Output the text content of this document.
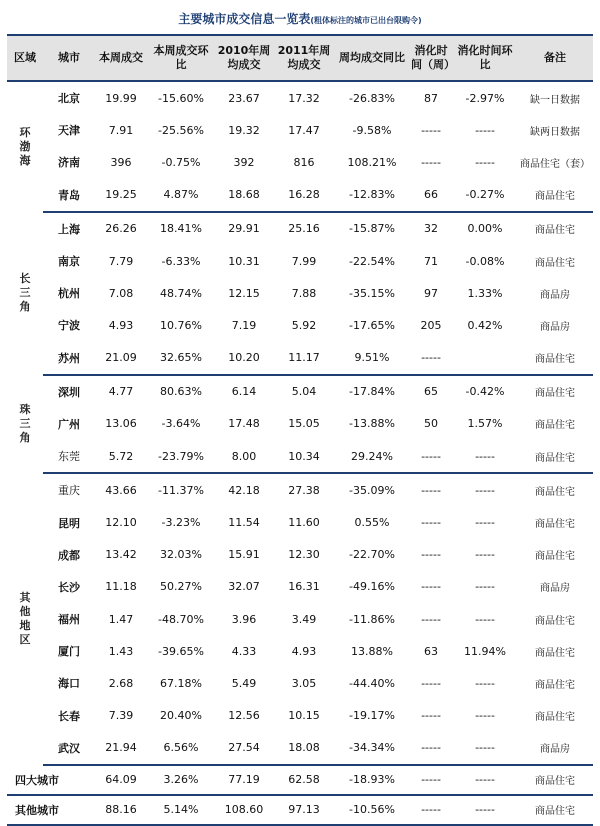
主要城市成交信息一览表(粗体标注的城市已出台限购令)
区域	城市	本周成交	本周成交环比	2010年周均成交	2011年周均成交	周均成交同比	消化时间（周）	消化时间环比	备注
环渤海	北京	19.99	-15.60%	23.67	17.32	-26.83%	87	-2.97%	缺一日数据
	天津	7.91	-25.56%	19.32	17.47	-9.58%	-----	-----	缺两日数据
	济南	396	-0.75%	392	816	108.21%	-----	-----	商品住宅（套）
	青岛	19.25	4.87%	18.68	16.28	-12.83%	66	-0.27%	商品住宅
长三角	上海	26.26	18.41%	29.91	25.16	-15.87%	32	0.00%	商品住宅
	南京	7.79	-6.33%	10.31	7.99	-22.54%	71	-0.08%	商品住宅
	杭州	7.08	48.74%	12.15	7.88	-35.15%	97	1.33%	商品房
	宁波	4.93	10.76%	7.19	5.92	-17.65%	205	0.42%	商品房
	苏州	21.09	32.65%	10.20	11.17	9.51%	-----		商品住宅
珠三角	深圳	4.77	80.63%	6.14	5.04	-17.84%	65	-0.42%	商品住宅
	广州	13.06	-3.64%	17.48	15.05	-13.88%	50	1.57%	商品住宅
	东莞	5.72	-23.79%	8.00	10.34	29.24%	-----	-----	商品住宅
其他地区	重庆	43.66	-11.37%	42.18	27.38	-35.09%	-----	-----	商品住宅
	昆明	12.10	-3.23%	11.54	11.60	0.55%	-----	-----	商品住宅
	成都	13.42	32.03%	15.91	12.30	-22.70%	-----	-----	商品住宅
	长沙	11.18	50.27%	32.07	16.31	-49.16%	-----	-----	商品房
	福州	1.47	-48.70%	3.96	3.49	-11.86%	-----	-----	商品住宅
	厦门	1.43	-39.65%	4.33	4.93	13.88%	63	11.94%	商品住宅
	海口	2.68	67.18%	5.49	3.05	-44.40%	-----	-----	商品住宅
	长春	7.39	20.40%	12.56	10.15	-19.17%	-----	-----	商品住宅
	武汉	21.94	6.56%	27.54	18.08	-34.34%	-----	-----	商品房
四大城市		64.09	3.26%	77.19	62.58	-18.93%	-----	-----	商品住宅
其他城市		88.16	5.14%	108.60	97.13	-10.56%	-----	-----	商品住宅
